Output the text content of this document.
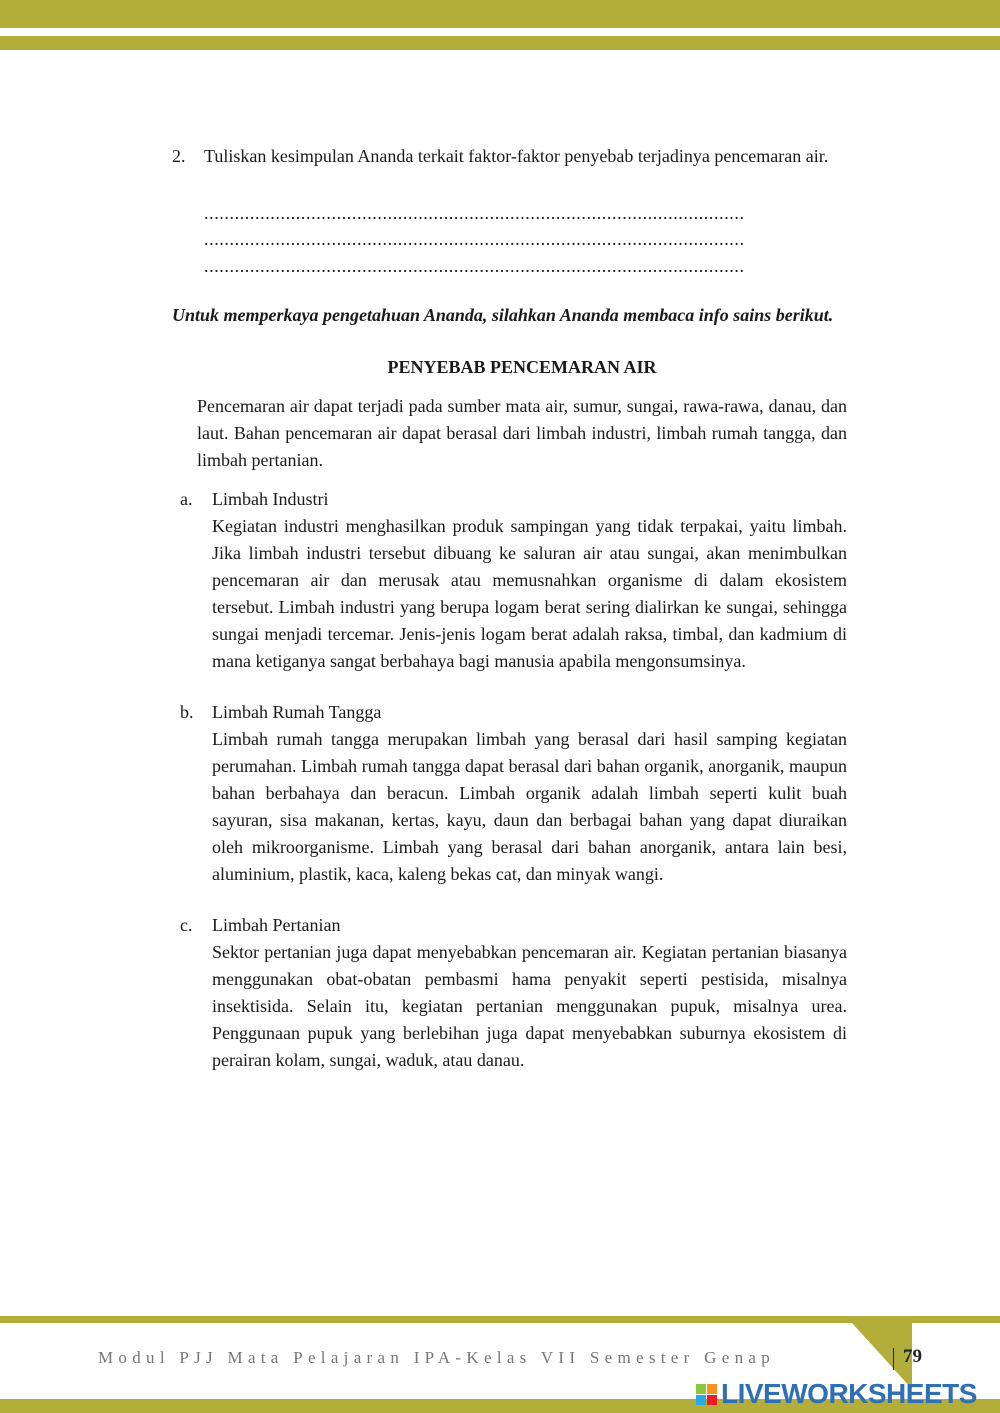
2. Tuliskan kesimpulan Ananda terkait faktor-faktor penyebab terjadinya pencemaran air.
..........................................................................................................
..........................................................................................................
..........................................................................................................
Untuk memperkaya pengetahuan Ananda, silahkan Ananda membaca info sains berikut.
PENYEBAB PENCEMARAN AIR
Pencemaran air dapat terjadi pada sumber mata air, sumur, sungai, rawa-rawa, danau, dan laut. Bahan pencemaran air dapat berasal dari limbah industri, limbah rumah tangga, dan limbah pertanian.
a. Limbah Industri
Kegiatan industri menghasilkan produk sampingan yang tidak terpakai, yaitu limbah. Jika limbah industri tersebut dibuang ke saluran air atau sungai, akan menimbulkan pencemaran air dan merusak atau memusnahkan organisme di dalam ekosistem tersebut. Limbah industri yang berupa logam berat sering dialirkan ke sungai, sehingga sungai menjadi tercemar. Jenis-jenis logam berat adalah raksa, timbal, dan kadmium di mana ketiganya sangat berbahaya bagi manusia apabila mengonsumsinya.
b. Limbah Rumah Tangga
Limbah rumah tangga merupakan limbah yang berasal dari hasil samping kegiatan perumahan. Limbah rumah tangga dapat berasal dari bahan organik, anorganik, maupun bahan berbahaya dan beracun. Limbah organik adalah limbah seperti kulit buah sayuran, sisa makanan, kertas, kayu, daun dan berbagai bahan yang dapat diuraikan oleh mikroorganisme. Limbah yang berasal dari bahan anorganik, antara lain besi, aluminium, plastik, kaca, kaleng bekas cat, dan minyak wangi.
c. Limbah Pertanian
Sektor pertanian juga dapat menyebabkan pencemaran air. Kegiatan pertanian biasanya menggunakan obat-obatan pembasmi hama penyakit seperti pestisida, misalnya insektisida. Selain itu, kegiatan pertanian menggunakan pupuk, misalnya urea. Penggunaan pupuk yang berlebihan juga dapat menyebabkan suburnya ekosistem di perairan kolam, sungai, waduk, atau danau.
Modul PJJ Mata Pelajaran IPA-Kelas VII Semester Genap	79
LIVEWORKSHEETS
